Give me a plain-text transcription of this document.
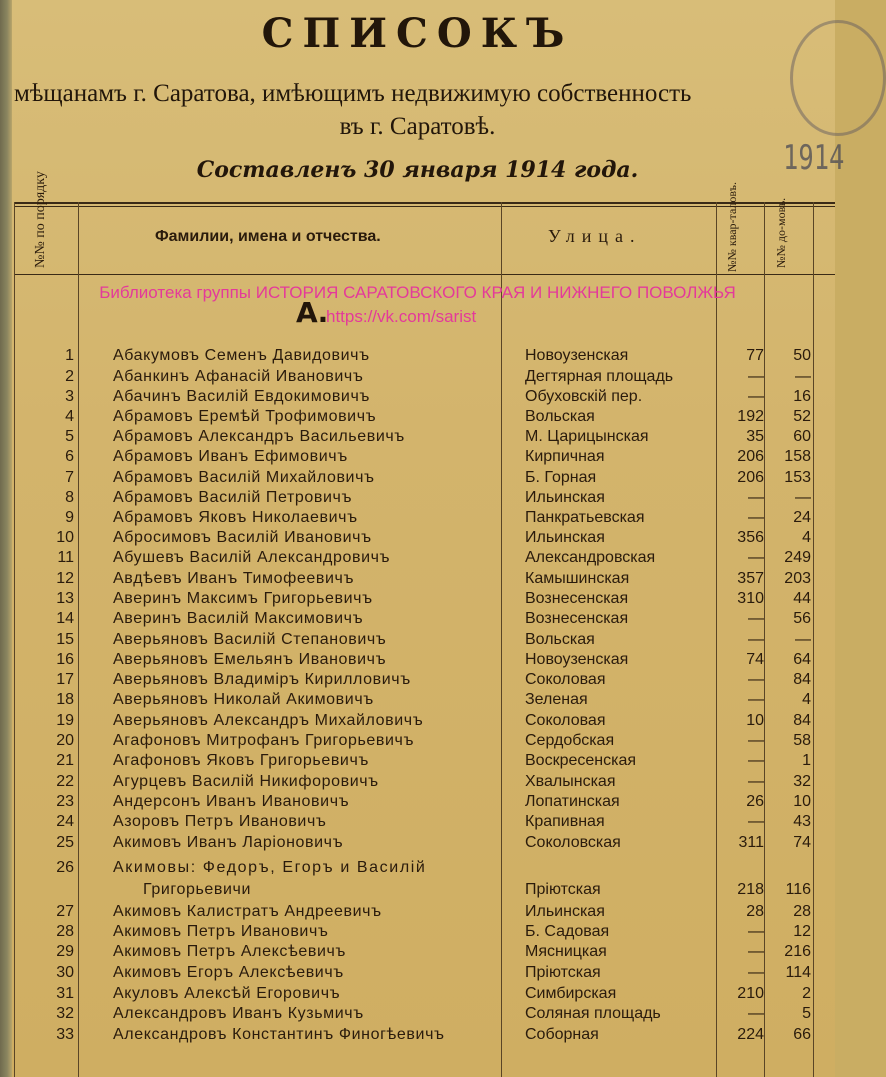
1914
СПИСОКЪ
мѣщанамъ г. Саратова, имѣющимъ недвижимую собственность
въ г. Саратовѣ.
Составленъ 30 января 1914 года.
№№ по порядку	Фамилии, имена и отчества.	Улица.	№№ квар-таловъ.	№№ до-мовъ.
Библиотека группы ИСТОРИЯ САРАТОВСКОГО КРАЯ И НИЖНЕГО ПОВОЛЖЬЯ
А.
https://vk.com/sarist
1 Абакумовъ Семенъ Давидовичъ	Новоузенская	77	50
2 Абанкинъ Афанасiй Ивановичъ	Дегтярная площадь	—	—
3 Абачинъ Василiй Евдокимовичъ	Обуховскiй пер.	—	16
4 Абрамовъ Еремѣй Трофимовичъ	Вольская	192	52
5 Абрамовъ Александръ Васильевичъ	М. Царицынская	35	60
6 Абрамовъ Иванъ Ефимовичъ	Кирпичная	206	158
7 Абрамовъ Василiй Михайловичъ	Б. Горная	206	153
8 Абрамовъ Василiй Петровичъ	Ильинская	—	—
9 Абрамовъ Яковъ Николаевичъ	Панкратьевская	—	24
10 Абросимовъ Василiй Ивановичъ	Ильинская	356	4
11 Абушевъ Василiй Александровичъ	Александровская	—	249
12 Авдѣевъ Иванъ Тимофеевичъ	Камышинская	357	203
13 Аверинъ Максимъ Григорьевичъ	Вознесенская	310	44
14 Аверинъ Василiй Максимовичъ	Вознесенская	—	56
15 Аверьяновъ Василiй Степановичъ	Вольская	—	—
16 Аверьяновъ Емельянъ Ивановичъ	Новоузенская	74	64
17 Аверьяновъ Владимiръ Кирилловичъ	Соколовая	—	84
18 Аверьяновъ Николай Акимовичъ	Зеленая	—	4
19 Аверьяновъ Александръ Михайловичъ	Соколовая	10	84
20 Агафоновъ Митрофанъ Григорьевичъ	Сердобская	—	58
21 Агафоновъ Яковъ Григорьевичъ	Воскресенская	—	1
22 Агурцевъ Василiй Никифоровичъ	Хвалынская	—	32
23 Андерсонъ Иванъ Ивановичъ	Лопатинская	26	10
24 Азоровъ Петръ Ивановичъ	Крапивная	—	43
25 Акимовъ Иванъ Ларiоновичъ	Соколовская	311	74
26 Акимовы: Федоръ, Егоръ и Василiй
Григорьевичи	Прiютская	218	116
27 Акимовъ Калистратъ Андреевичъ	Ильинская	28	28
28 Акимовъ Петръ Ивановичъ	Б. Садовая	—	12
29 Акимовъ Петръ Алексѣевичъ	Мясницкая	—	216
30 Акимовъ Егоръ Алексѣевичъ	Прiютская	—	114
31 Акуловъ Алексѣй Егоровичъ	Симбирская	210	2
32 Александровъ Иванъ Кузьмичъ	Соляная площадь	—	5
33 Александровъ Константинъ Финогѣевичъ	Соборная	224	66
